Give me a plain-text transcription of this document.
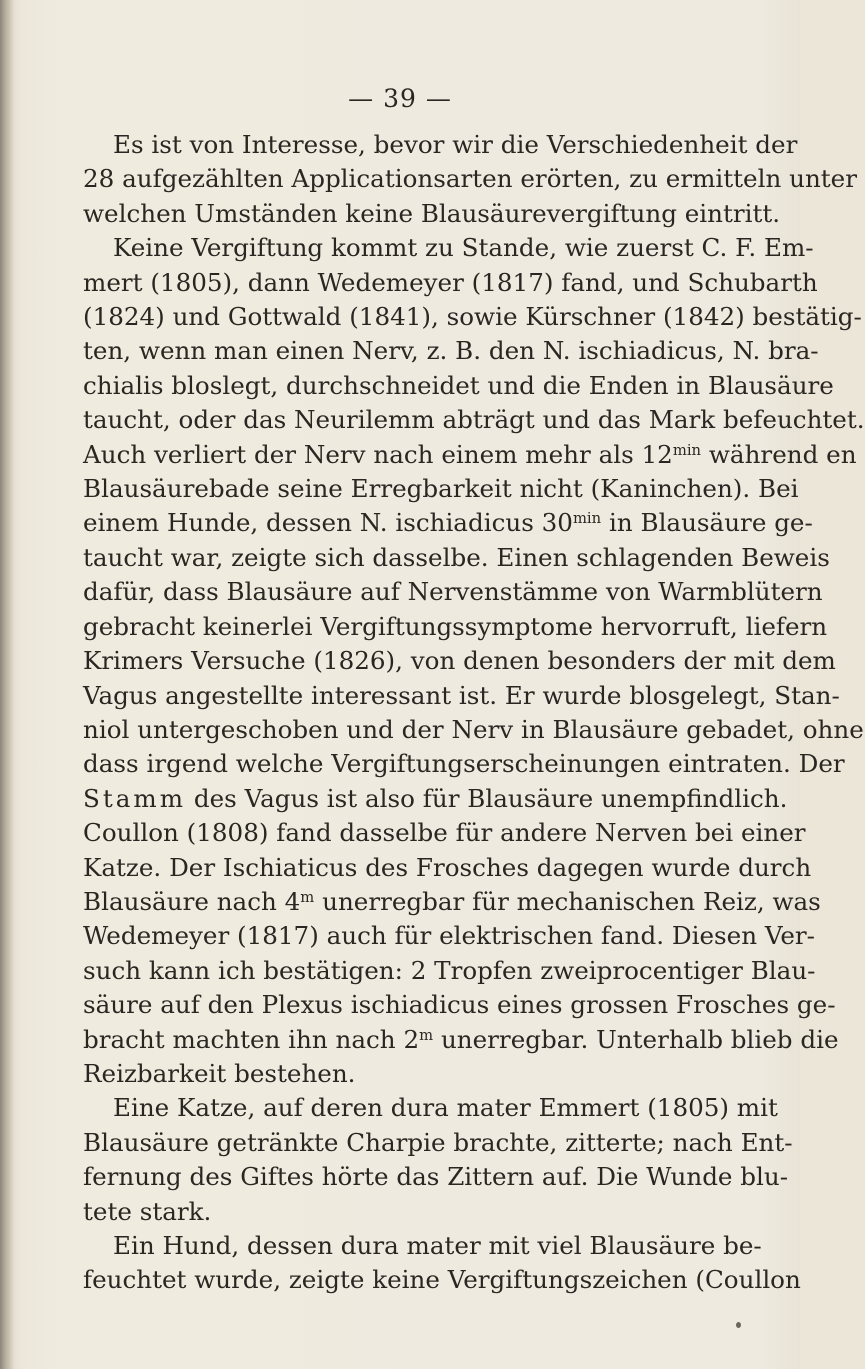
— 39 —

Es ist von Interesse, bevor wir die Verschiedenheit der
28 aufgezählten Applicationsarten erörten, zu ermitteln unter
welchen Umständen keine Blausäurevergiftung eintritt.

Keine Vergiftung kommt zu Stande, wie zuerst C. F. Em-
mert (1805), dann Wedemeyer (1817) fand, und Schubarth
(1824) und Gottwald (1841), sowie Kürschner (1842) bestätig-
ten, wenn man einen Nerv, z. B. den N. ischiadicus, N. bra-
chialis bloslegt, durchschneidet und die Enden in Blausäure
taucht, oder das Neurilemm abträgt und das Mark befeuchtet.
Auch verliert der Nerv nach einem mehr als $12^{min}$ während en
Blausäurebade seine Erregbarkeit nicht (Kaninchen). Bei
einem Hunde, dessen N. ischiadicus $30^{min}$ in Blausäure ge-
taucht war, zeigte sich dasselbe. Einen schlagenden Beweis
dafür, dass Blausäure auf Nervenstämme von Warmblütern
gebracht keinerlei Vergiftungssymptome hervorruft, liefern
Krimers Versuche (1826), von denen besonders der mit dem
Vagus angestellte interessant ist. Er wurde blosgelegt, Stan-
niol untergeschoben und der Nerv in Blausäure gebadet, ohne
dass irgend welche Vergiftungserscheinungen eintraten. Der
Stamm des Vagus ist also für Blausäure unempfindlich.
Coullon (1808) fand dasselbe für andere Nerven bei einer
Katze. Der Ischiaticus des Frosches dagegen wurde durch
Blausäure nach 4$^m$ unerregbar für mechanischen Reiz, was
Wedemeyer (1817) auch für elektrischen fand. Diesen Ver-
such kann ich bestätigen: 2 Tropfen zweiprocentiger Blau-
säure auf den Plexus ischiadicus eines grossen Frosches ge-
bracht machten ihn nach 2$^m$ unerregbar. Unterhalb blieb die
Reizbarkeit bestehen.

Eine Katze, auf deren dura mater Emmert (1805) mit
Blausäure getränkte Charpie brachte, zitterte; nach Ent-
fernung des Giftes hörte das Zittern auf. Die Wunde blu-
tete stark.

Ein Hund, dessen dura mater mit viel Blausäure be-
feuchtet wurde, zeigte keine Vergiftungszeichen (Coullon
